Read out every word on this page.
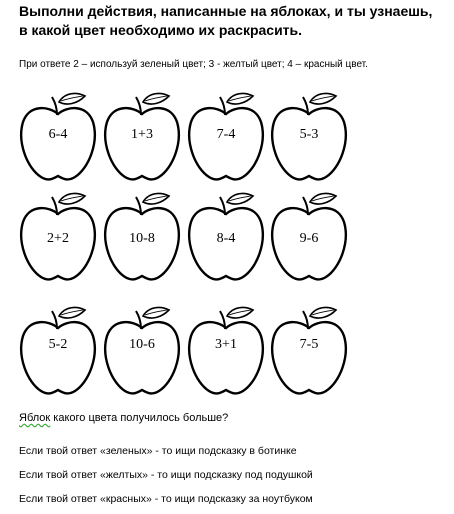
Выполни действия, написанные на яблоках, и ты узнаешь, в какой цвет необходимо их раскрасить.
При ответе 2 – используй зеленый цвет; 3 - желтый цвет; 4 – красный цвет.
6-4	1+3	7-4	5-3
2+2	10-8	8-4	9-6
5-2	10-6	3+1	7-5
Яблок какого цвета получилось больше?
Если твой ответ «зеленых» - то ищи подсказку в ботинке
Если твой ответ «желтых» - то ищи подсказку под подушкой
Если твой ответ «красных» - то ищи подсказку за ноутбуком
